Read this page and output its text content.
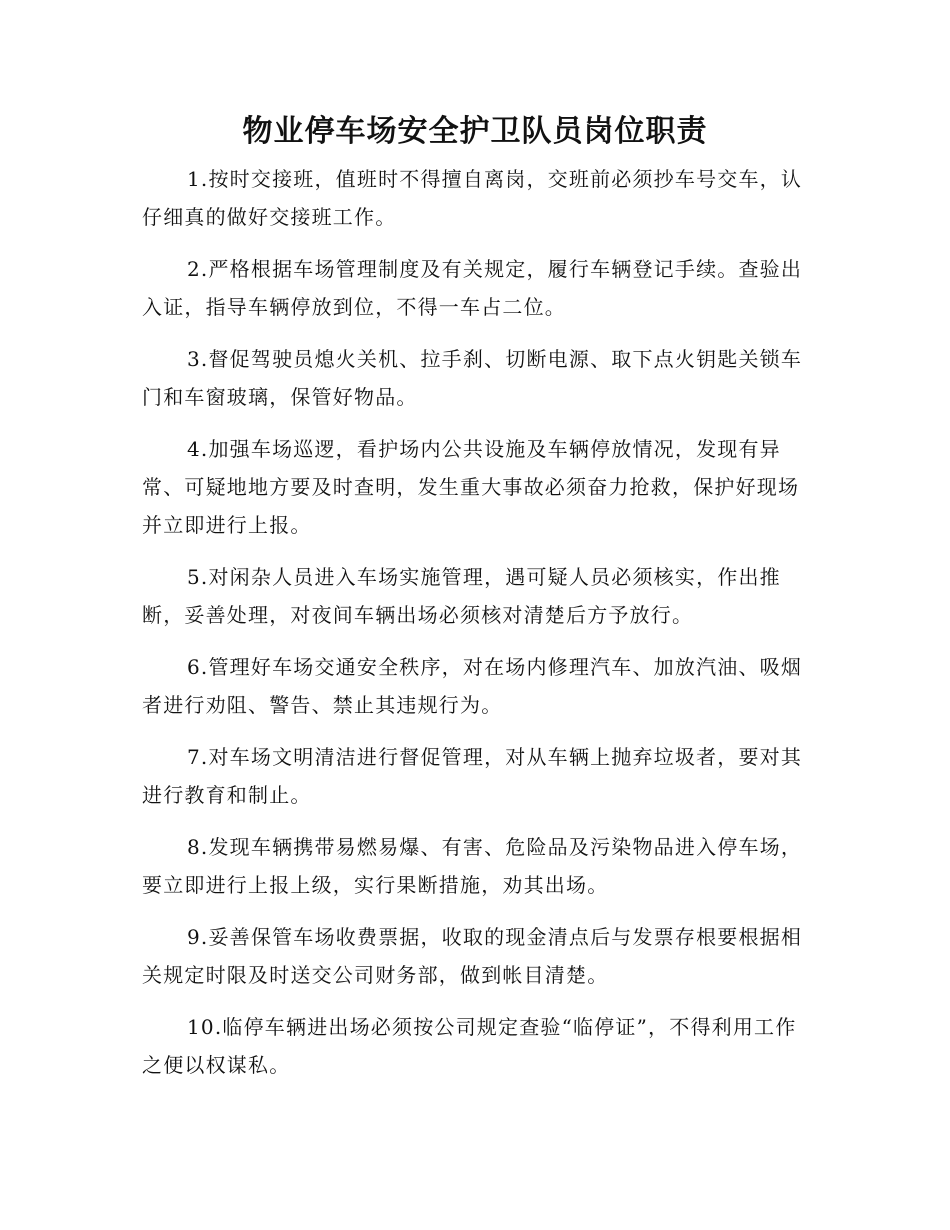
物业停车场安全护卫队员岗位职责

1.按时交接班，值班时不得擅自离岗，交班前必须抄车号交车，认仔细真的做好交接班工作。

2.严格根据车场管理制度及有关规定，履行车辆登记手续。查验出入证，指导车辆停放到位，不得一车占二位。

3.督促驾驶员熄火关机、拉手刹、切断电源、取下点火钥匙关锁车门和车窗玻璃，保管好物品。

4.加强车场巡逻，看护场内公共设施及车辆停放情况，发现有异常、可疑地地方要及时查明，发生重大事故必须奋力抢救，保护好现场并立即进行上报。

5.对闲杂人员进入车场实施管理，遇可疑人员必须核实，作出推断，妥善处理，对夜间车辆出场必须核对清楚后方予放行。

6.管理好车场交通安全秩序，对在场内修理汽车、加放汽油、吸烟者进行劝阻、警告、禁止其违规行为。

7.对车场文明清洁进行督促管理，对从车辆上抛弃垃圾者，要对其进行教育和制止。

8.发现车辆携带易燃易爆、有害、危险品及污染物品进入停车场，要立即进行上报上级，实行果断措施，劝其出场。

9.妥善保管车场收费票据，收取的现金清点后与发票存根要根据相关规定时限及时送交公司财务部，做到帐目清楚。

10.临停车辆进出场必须按公司规定查验“临停证”，不得利用工作之便以权谋私。
